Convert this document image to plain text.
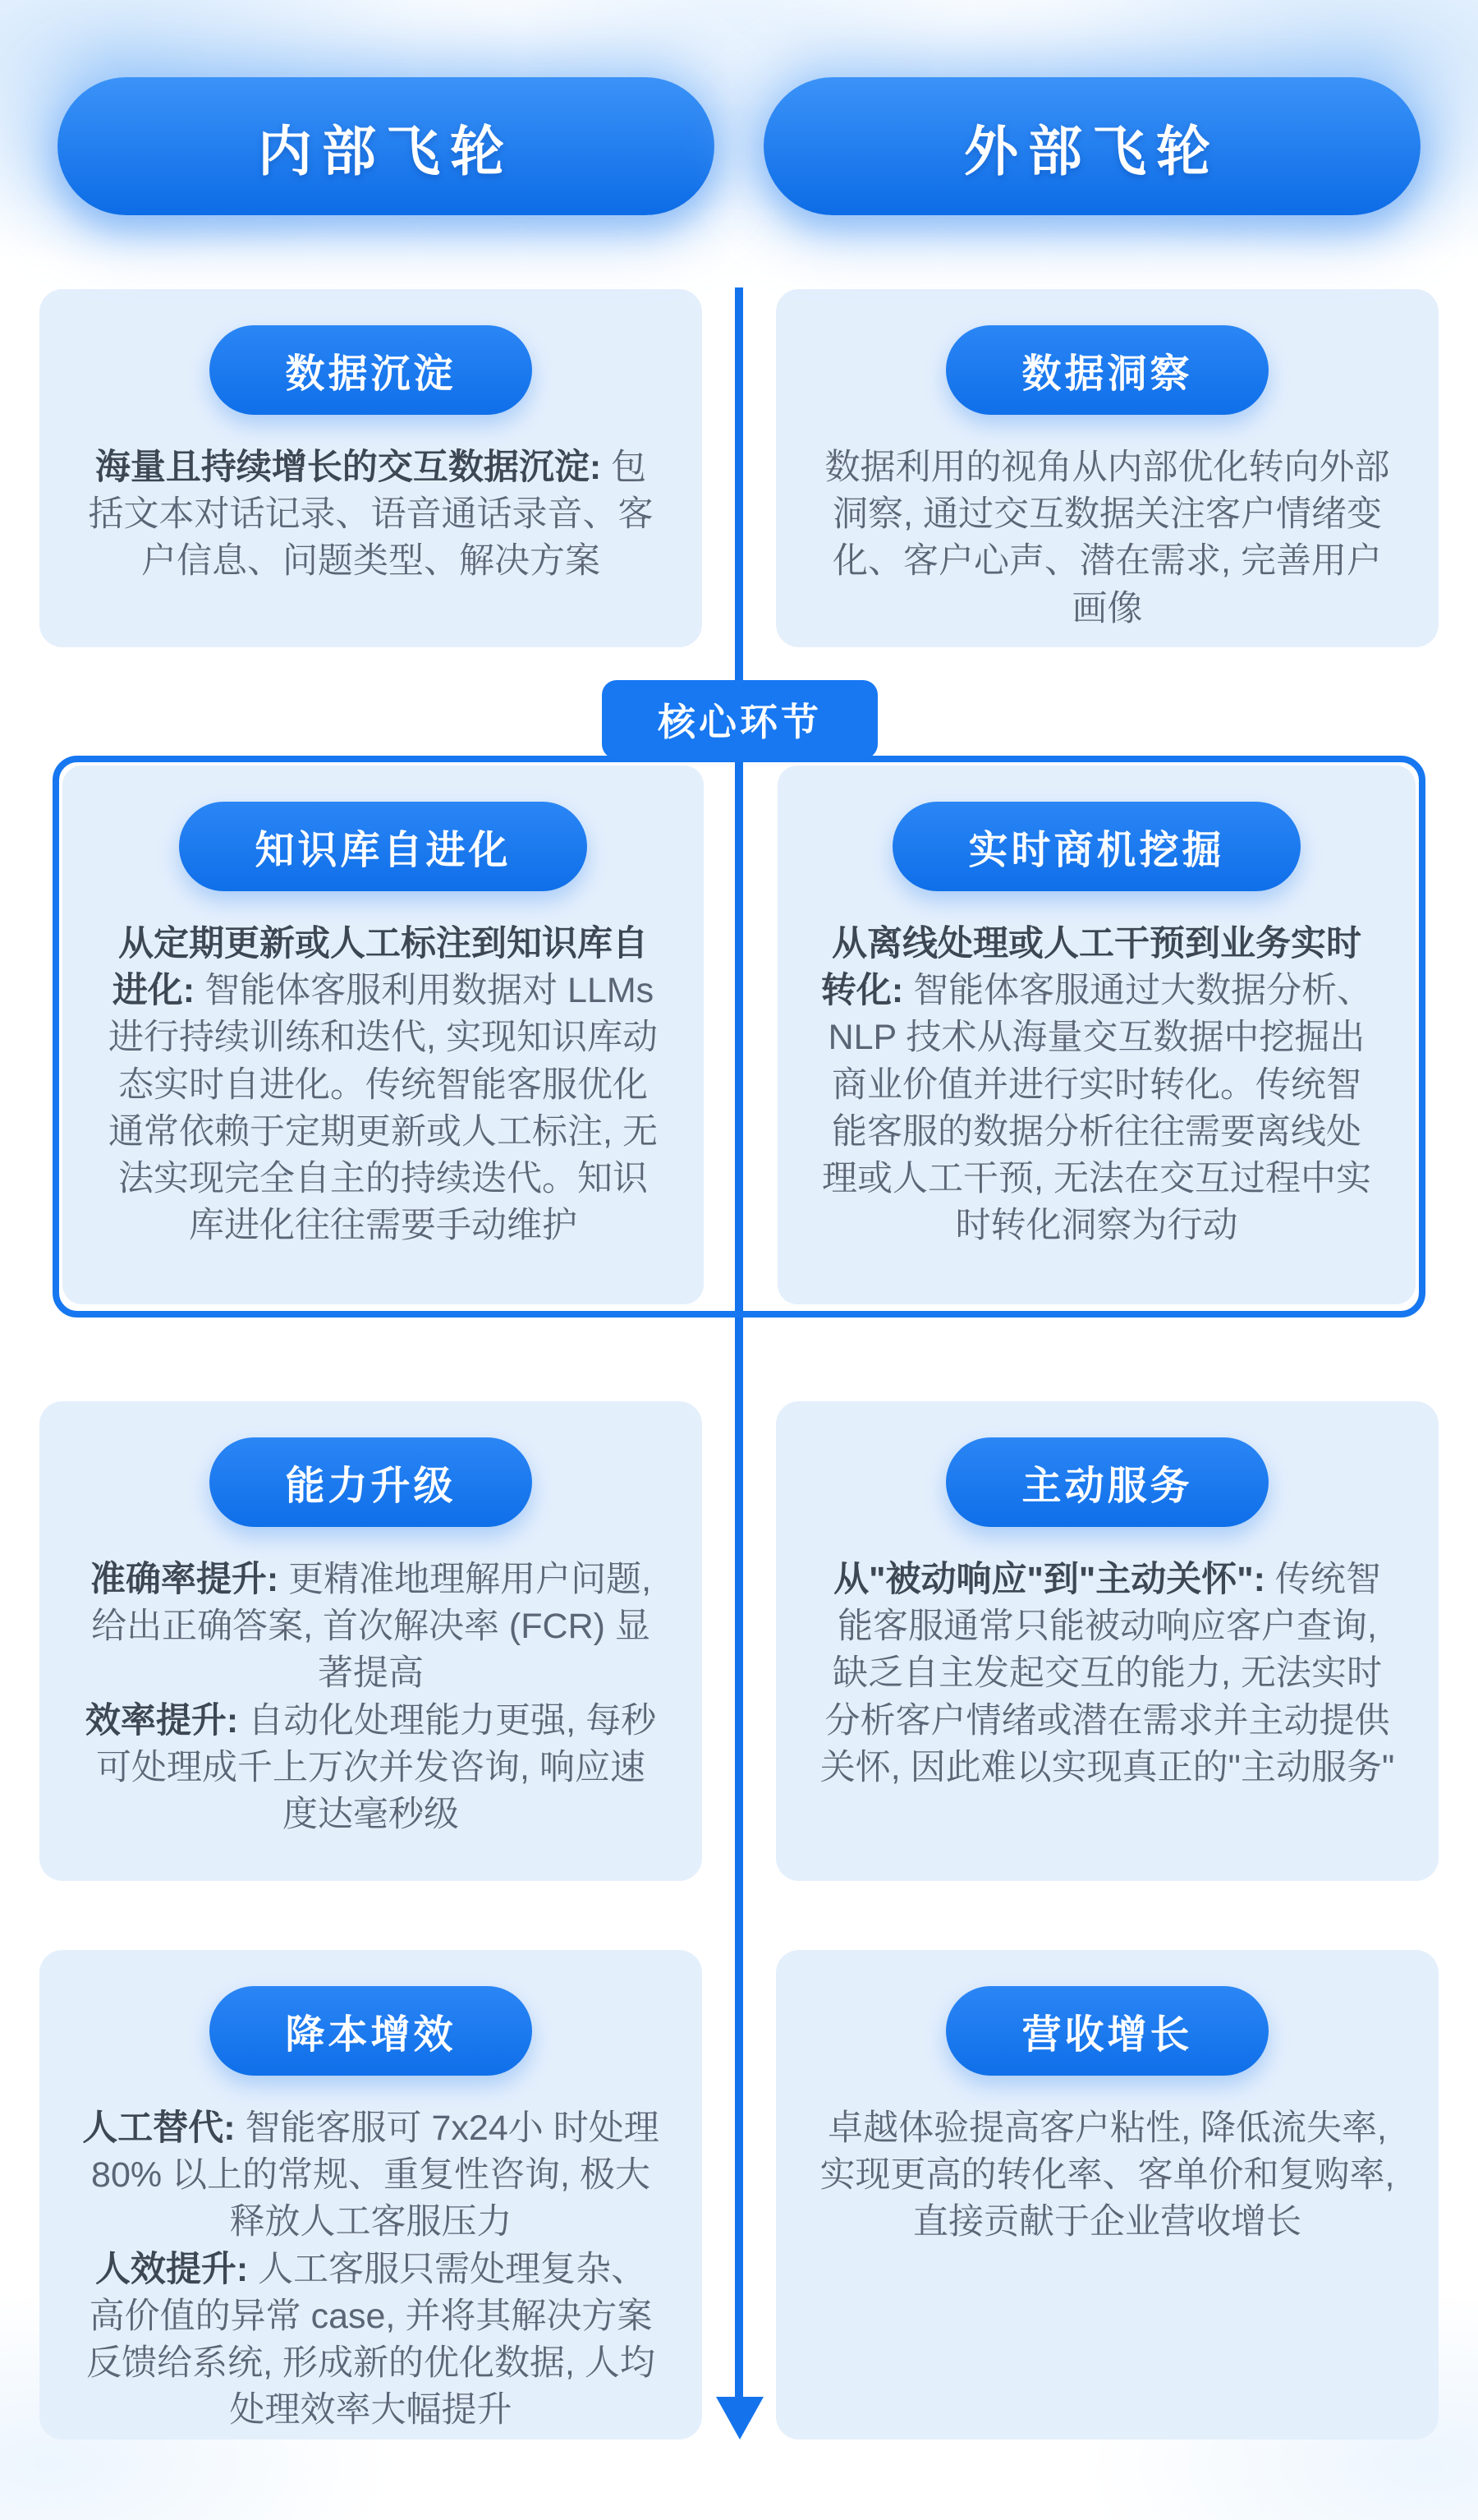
内部飞轮	外部飞轮
数据沉淀
海量且持续增长的交互数据沉淀: 包括文本对话记录、语音通话录音、客户信息、问题类型、解决方案
数据洞察
数据利用的视角从内部优化转向外部洞察, 通过交互数据关注客户情绪变化、客户心声、潜在需求, 完善用户画像
核心环节
知识库自进化
从定期更新或人工标注到知识库自进化: 智能体客服利用数据对 LLMs 进行持续训练和迭代, 实现知识库动态实时自进化。传统智能客服优化通常依赖于定期更新或人工标注, 无法实现完全自主的持续迭代。知识库进化往往需要手动维护
实时商机挖掘
从离线处理或人工干预到业务实时转化: 智能体客服通过大数据分析、NLP 技术从海量交互数据中挖掘出商业价值并进行实时转化。传统智能客服的数据分析往往需要离线处理或人工干预, 无法在交互过程中实时转化洞察为行动
能力升级
准确率提升: 更精准地理解用户问题, 给出正确答案, 首次解决率 (FCR) 显著提高
效率提升: 自动化处理能力更强, 每秒可处理成千上万次并发咨询, 响应速度达毫秒级
主动服务
从"被动响应"到"主动关怀": 传统智能客服通常只能被动响应客户查询, 缺乏自主发起交互的能力, 无法实时分析客户情绪或潜在需求并主动提供关怀, 因此难以实现真正的"主动服务"
降本增效
人工替代: 智能客服可 7x24小 时处理 80% 以上的常规、重复性咨询, 极大释放人工客服压力
人效提升: 人工客服只需处理复杂、高价值的异常 case, 并将其解决方案反馈给系统, 形成新的优化数据, 人均处理效率大幅提升
营收增长
卓越体验提高客户粘性, 降低流失率, 实现更高的转化率、客单价和复购率, 直接贡献于企业营收增长
